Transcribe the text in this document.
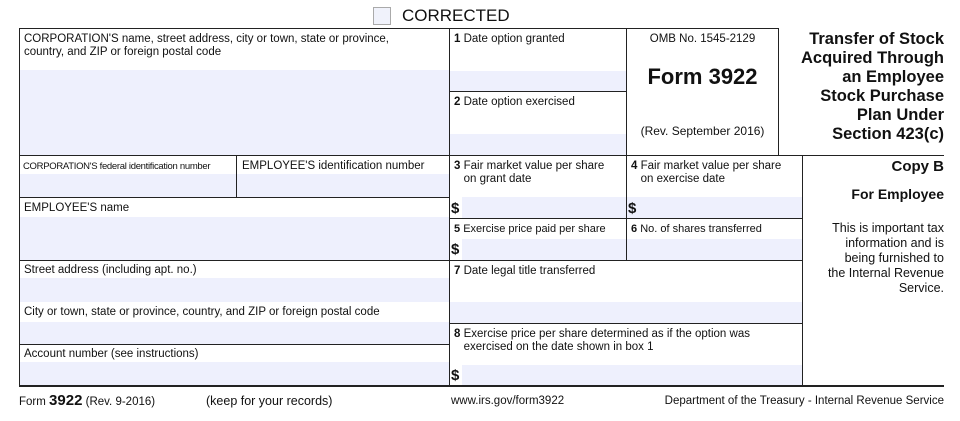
CORRECTED
CORPORATION'S name, street address, city or town, state or province,
country, and ZIP or foreign postal code
1 Date option granted
2 Date option exercised
OMB No. 1545-2129
Form 3922
(Rev. September 2016)
Transfer of Stock
Acquired Through
an Employee
Stock Purchase
Plan Under
Section 423(c)
CORPORATION'S federal identification number	EMPLOYEE'S identification number	3 Fair market value per share
on grant date
$
4 Fair market value per share
on exercise date
$
Copy B
For Employee
This is important tax
information and is
being furnished to
the Internal Revenue
Service.
EMPLOYEE'S name
5 Exercise price paid per share
$
6 No. of shares transferred
Street address (including apt. no.)	7 Date legal title transferred
City or town, state or province, country, and ZIP or foreign postal code
Account number (see instructions)
8 Exercise price per share determined as if the option was
exercised on the date shown in box 1
$
Form 3922 (Rev. 9-2016)	(keep for your records)	www.irs.gov/form3922	Department of the Treasury - Internal Revenue Service
